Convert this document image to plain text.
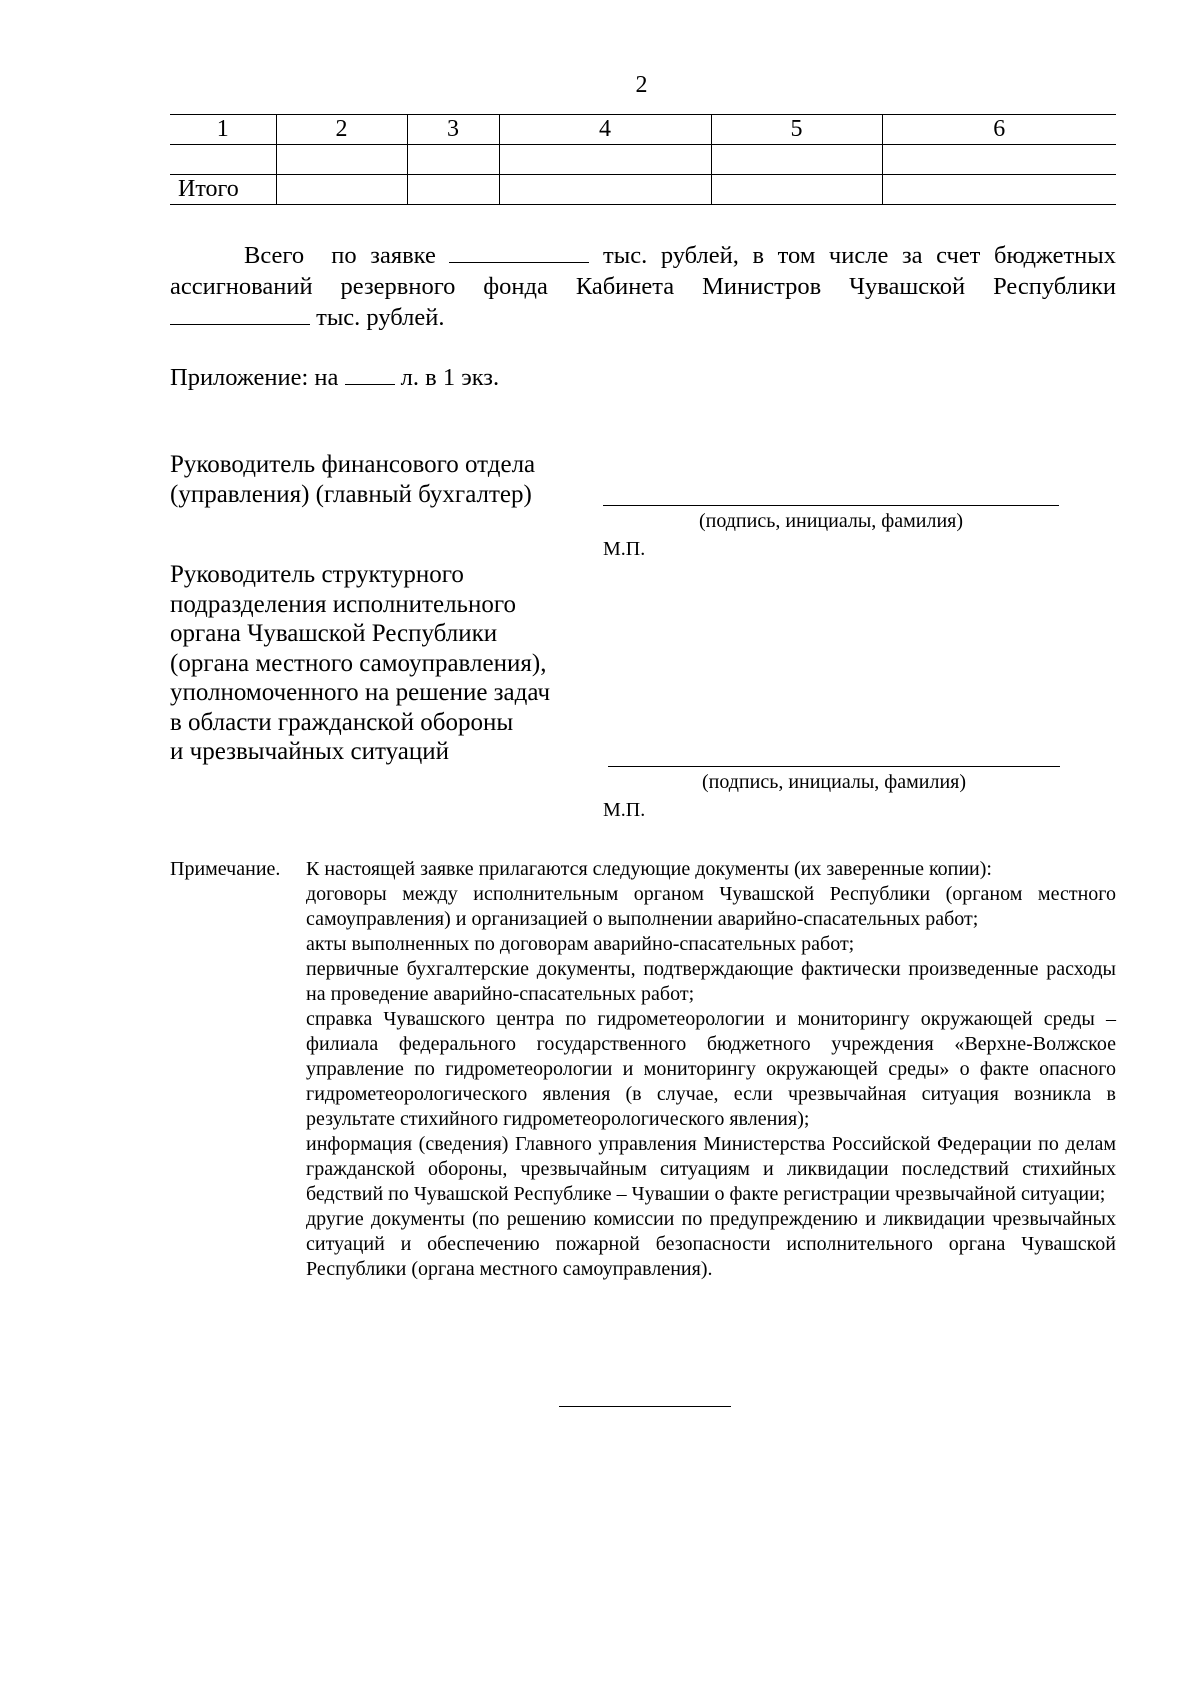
2
1	2	3	4	5	6

Итого					
Всего  по заявке	тыс. рублей, в том числе за счет бюджетных ассигнований резервного фонда Кабинета Министров Чувашской Республики  тыс. рублей.
Приложение: на	л. в 1 экз.
Руководитель финансового отдела
(управления) (главный бухгалтер)
(подпись, инициалы, фамилия)
М.П.
Руководитель структурного
подразделения исполнительного
органа Чувашской Республики
(органа местного самоуправления),
уполномоченного на решение задач
в области гражданской обороны
и чрезвычайных ситуаций
(подпись, инициалы, фамилия)
М.П.
Примечание. К настоящей заявке прилагаются следующие документы (их заверенные копии):

договоры между исполнительным органом Чувашской Республики (органом местного самоуправления) и организацией о выполнении аварийно-спасательных работ;

акты выполненных по договорам аварийно-спасательных работ;

первичные бухгалтерские документы, подтверждающие фактически произведенные расходы на проведение аварийно-спасательных работ;

справка Чувашского центра по гидрометеорологии и мониторингу окружающей среды – филиала федерального государственного бюджетного учреждения «Верхне-Волжское управление по гидрометеорологии и мониторингу окружающей среды» о факте опасного гидрометеорологического явления (в случае, если чрезвычайная ситуация возникла в результате стихийного гидрометеорологического явления);

информация (сведения) Главного управления Министерства Российской Федерации по делам гражданской обороны, чрезвычайным ситуациям и ликвидации последствий стихийных бедствий по Чувашской Республике – Чувашии о факте регистрации чрезвычайной ситуации;

другие документы (по решению комиссии по предупреждению и ликвидации чрезвычайных ситуаций и обеспечению пожарной безопасности исполнительного органа Чувашской Республики (органа местного самоуправления).
